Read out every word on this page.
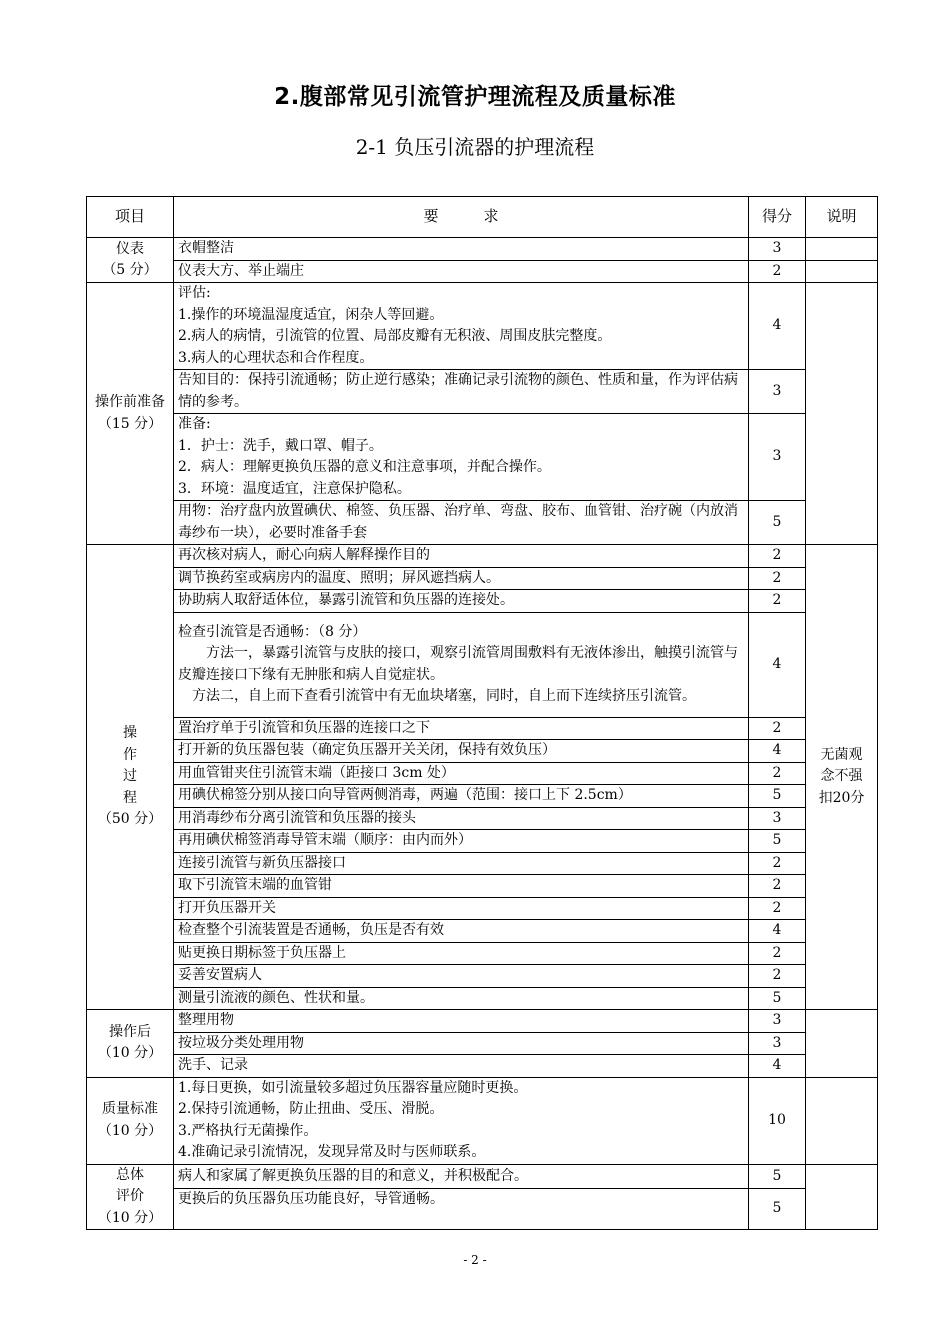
2.腹部常见引流管护理流程及质量标准
2-1 负压引流器的护理流程
项目	要　　　求	得分	说明
仪表
（5 分）	衣帽整洁	3	
	仪表大方、举止端庄	2	
操作前准备
（15 分）	评估:
1.操作的环境温湿度适宜，闲杂人等回避。
2.病人的病情，引流管的位置、局部皮瓣有无积液、周围皮肤完整度。
3.病人的心理状态和合作程度。	4	
	告知目的：保持引流通畅；防止逆行感染；准确记录引流物的颜色、性质和量，作为评估病情的参考。	3	
	准备:
1．护士：洗手，戴口罩、帽子。
2．病人：理解更换负压器的意义和注意事项，并配合操作。
3．环境：温度适宜，注意保护隐私。	3	
	用物：治疗盘内放置碘伏、棉签、负压器、治疗单、弯盘、胶布、血管钳、治疗碗（内放消毒纱布一块），必要时准备手套	5	
操
作
过
程
（50 分）	再次核对病人，耐心向病人解释操作目的	2	无菌观
念不强
扣20分
	调节换药室或病房内的温度、照明；屏风遮挡病人。	2	
	协助病人取舒适体位，暴露引流管和负压器的连接处。	2	
	检查引流管是否通畅：（8 分）
　　方法一，暴露引流管与皮肤的接口，观察引流管周围敷料有无液体渗出，触摸引流管与皮瓣连接口下缘有无肿胀和病人自觉症状。
　方法二，自上而下查看引流管中有无血块堵塞，同时，自上而下连续挤压引流管。	4	
	置治疗单于引流管和负压器的连接口之下	2	
	打开新的负压器包装（确定负压器开关关闭，保持有效负压）	4	
	用血管钳夹住引流管末端（距接口 3cm 处）	2	
	用碘伏棉签分别从接口向导管两侧消毒，两遍（范围：接口上下 2.5cm）	5	
	用消毒纱布分离引流管和负压器的接头	3	
	再用碘伏棉签消毒导管末端（顺序：由内而外）	5	
	连接引流管与新负压器接口	2	
	取下引流管末端的血管钳	2	
	打开负压器开关	2	
	检查整个引流装置是否通畅，负压是否有效	4	
	贴更换日期标签于负压器上	2	
	妥善安置病人	2	
	测量引流液的颜色、性状和量。	5	
操作后
（10 分）	整理用物	3	
	按垃圾分类处理用物	3	
	洗手、记录	4	
质量标准
（10 分）	1.每日更换，如引流量较多超过负压器容量应随时更换。
2.保持引流通畅，防止扭曲、受压、滑脱。
3.严格执行无菌操作。
4.准确记录引流情况，发现异常及时与医师联系。	10	
总体
评价
（10 分）	病人和家属了解更换负压器的目的和意义，并积极配合。	5	
	更换后的负压器负压功能良好，导管通畅。	5	
- 2 -
